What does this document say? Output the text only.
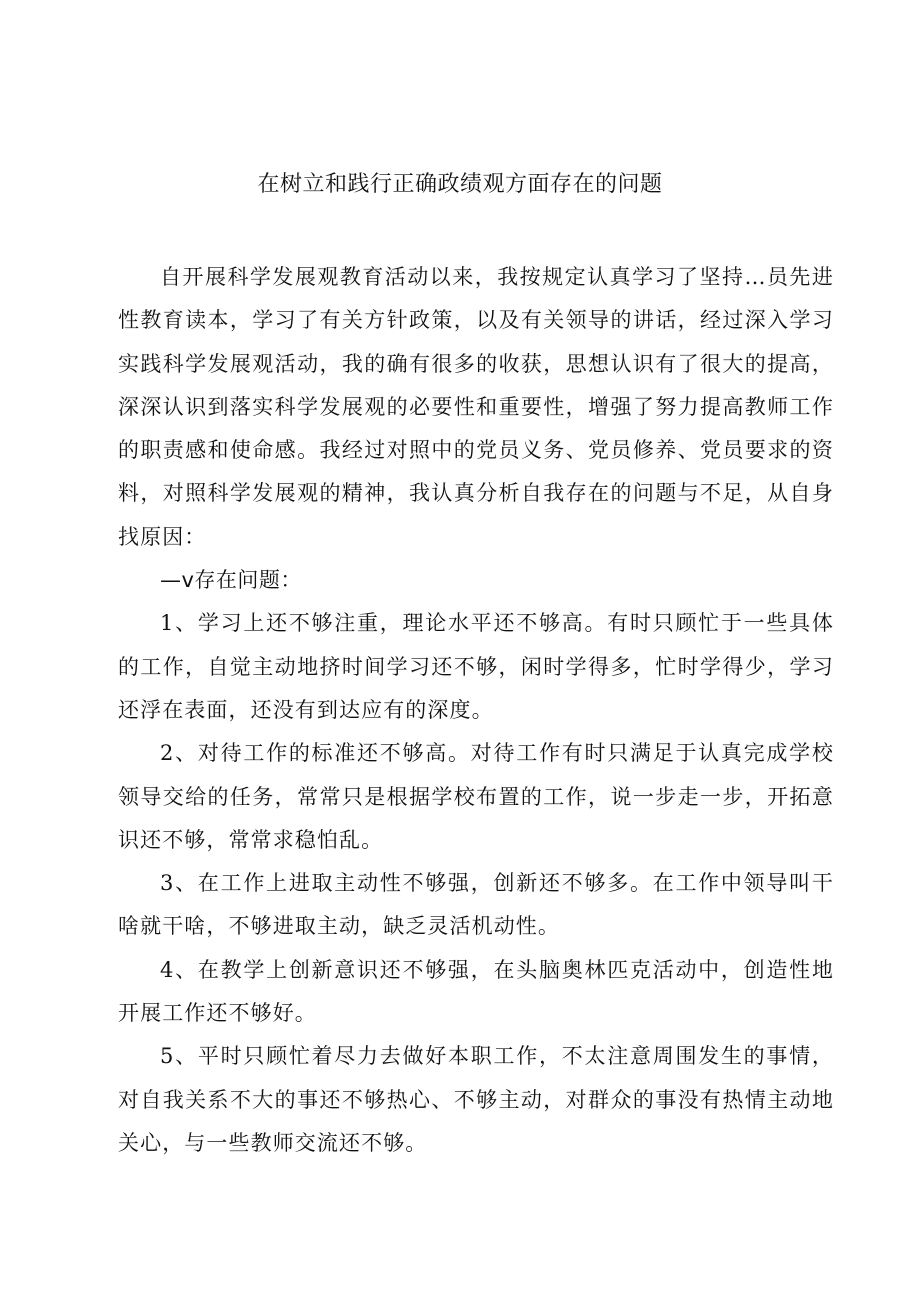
在树立和践行正确政绩观方面存在的问题

自开展科学发展观教育活动以来，我按规定认真学习了坚持…员先进性教育读本，学习了有关方针政策，以及有关领导的讲话，经过深入学习实践科学发展观活动，我的确有很多的收获，思想认识有了很大的提高，深深认识到落实科学发展观的必要性和重要性，增强了努力提高教师工作的职责感和使命感。我经过对照中的党员义务、党员修养、党员要求的资料，对照科学发展观的精神，我认真分析自我存在的问题与不足，从自身找原因：

—v存在问题：

1、学习上还不够注重，理论水平还不够高。有时只顾忙于一些具体的工作，自觉主动地挤时间学习还不够，闲时学得多，忙时学得少，学习还浮在表面，还没有到达应有的深度。

2、对待工作的标准还不够高。对待工作有时只满足于认真完成学校领导交给的任务，常常只是根据学校布置的工作，说一步走一步，开拓意识还不够，常常求稳怕乱。

3、在工作上进取主动性不够强，创新还不够多。在工作中领导叫干啥就干啥，不够进取主动，缺乏灵活机动性。

4、在教学上创新意识还不够强，在头脑奥林匹克活动中，创造性地开展工作还不够好。

5、平时只顾忙着尽力去做好本职工作，不太注意周围发生的事情，对自我关系不大的事还不够热心、不够主动，对群众的事没有热情主动地关心，与一些教师交流还不够。
